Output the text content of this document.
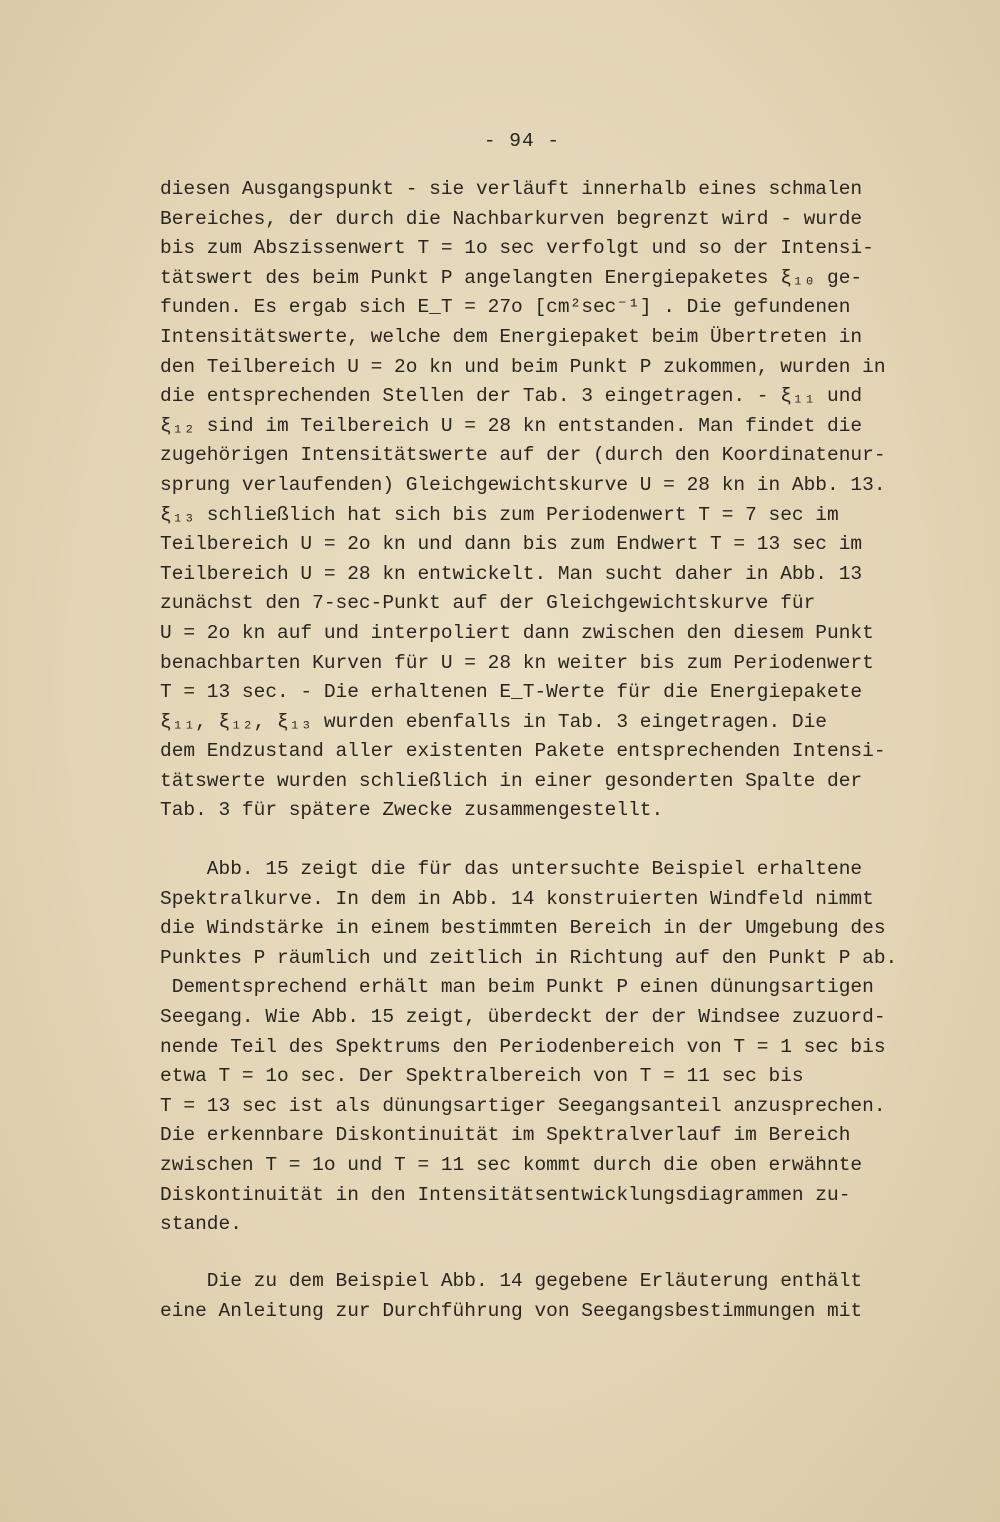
- 94 -
diesen Ausgangspunkt - sie verläuft innerhalb eines schmalen
Bereiches, der durch die Nachbarkurven begrenzt wird - wurde
bis zum Abszissenwert T = 1o sec verfolgt und so der Intensi-
tätswert des beim Punkt P angelangten Energiepaketes ξ₁₀ ge-
funden. Es ergab sich E_T = 27o [cm²sec⁻¹] . Die gefundenen
Intensitätswerte, welche dem Energiepaket beim Übertreten in
den Teilbereich U = 2o kn und beim Punkt P zukommen, wurden in
die entsprechenden Stellen der Tab. 3 eingetragen. - ξ₁₁ und
ξ₁₂ sind im Teilbereich U = 28 kn entstanden. Man findet die
zugehörigen Intensitätswerte auf der (durch den Koordinatenur-
sprung verlaufenden) Gleichgewichtskurve U = 28 kn in Abb. 13.
ξ₁₃ schließlich hat sich bis zum Periodenwert T = 7 sec im
Teilbereich U = 2o kn und dann bis zum Endwert T = 13 sec im
Teilbereich U = 28 kn entwickelt. Man sucht daher in Abb. 13
zunächst den 7-sec-Punkt auf der Gleichgewichtskurve für
U = 2o kn auf und interpoliert dann zwischen den diesem Punkt
benachbarten Kurven für U = 28 kn weiter bis zum Periodenwert
T = 13 sec. - Die erhaltenen E_T-Werte für die Energiepakete
ξ₁₁, ξ₁₂, ξ₁₃ wurden ebenfalls in Tab. 3 eingetragen. Die
dem Endzustand aller existenten Pakete entsprechenden Intensi-
tätswerte wurden schließlich in einer gesonderten Spalte der
Tab. 3 für spätere Zwecke zusammengestellt.
Abb. 15 zeigt die für das untersuchte Beispiel erhaltene
Spektralkurve. In dem in Abb. 14 konstruierten Windfeld nimmt
die Windstärke in einem bestimmten Bereich in der Umgebung des
Punktes P räumlich und zeitlich in Richtung auf den Punkt P ab.
Dementsprechend erhält man beim Punkt P einen dünungsartigen
Seegang. Wie Abb. 15 zeigt, überdeckt der der Windsee zuzuord-
nende Teil des Spektrums den Periodenbereich von T = 1 sec bis
etwa T = 1o sec. Der Spektralbereich von T = 11 sec bis
T = 13 sec ist als dünungsartiger Seegangsanteil anzusprechen.
Die erkennbare Diskontinuität im Spektralverlauf im Bereich
zwischen T = 1o und T = 11 sec kommt durch die oben erwähnte
Diskontinuität in den Intensitätsentwicklungsdiagrammen zu-
stande.
Die zu dem Beispiel Abb. 14 gegebene Erläuterung enthält
eine Anleitung zur Durchführung von Seegangsbestimmungen mit
